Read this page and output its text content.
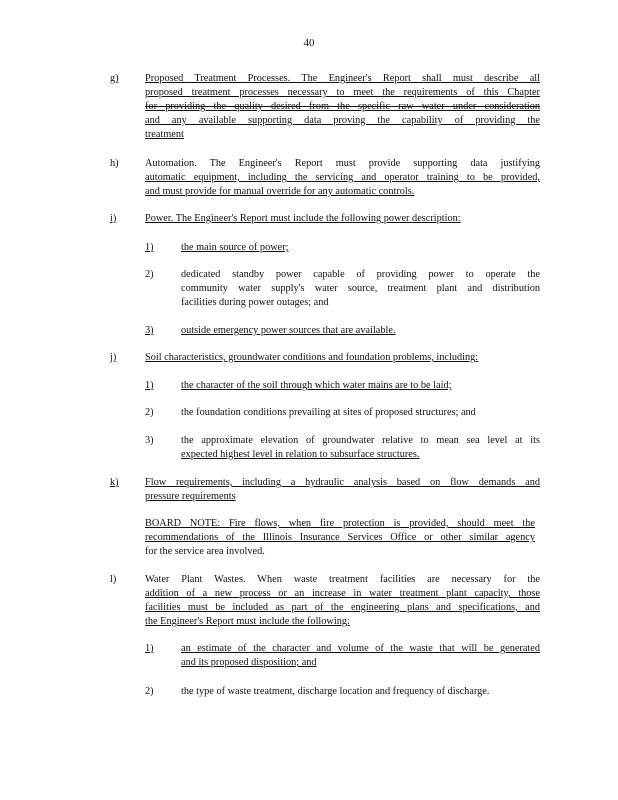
40
g)	Proposed Treatment Processes. The Engineer's Report shall must describe all
proposed treatment processes necessary to meet the requirements of this Chapter
for providing the quality desired from the specific raw water under consideration
and any available supporting data proving the capability of providing the
treatment
h)	Automation. The Engineer's Report must provide supporting data justifying
automatic equipment, including the servicing and operator training to be provided,
and must provide for manual override for any automatic controls.
i)	Power. The Engineer's Report must include the following power description:
1)	the main source of power;
2)	dedicated standby power capable of providing power to operate the
community water supply's water source, treatment plant and distribution
facilities during power outages; and
3)	outside emergency power sources that are available.
j)	Soil characteristics, groundwater conditions and foundation problems, including:
1)	the character of the soil through which water mains are to be laid;
2)	the foundation conditions prevailing at sites of proposed structures; and
3)	the approximate elevation of groundwater relative to mean sea level at its
expected highest level in relation to subsurface structures.
k)	Flow requirements, including a hydraulic analysis based on flow demands and
pressure requirements
BOARD NOTE: Fire flows, when fire protection is provided, should meet the
recommendations of the Illinois Insurance Services Office or other similar agency
for the service area involved.
l)	Water Plant Wastes. When waste treatment facilities are necessary for the
addition of a new process or an increase in water treatment plant capacity, those
facilities must be included as part of the engineering plans and specifications, and
the Engineer's Report must include the following:
1)	an estimate of the character and volume of the waste that will be generated
and its proposed disposition; and
2)	the type of waste treatment, discharge location and frequency of discharge.
